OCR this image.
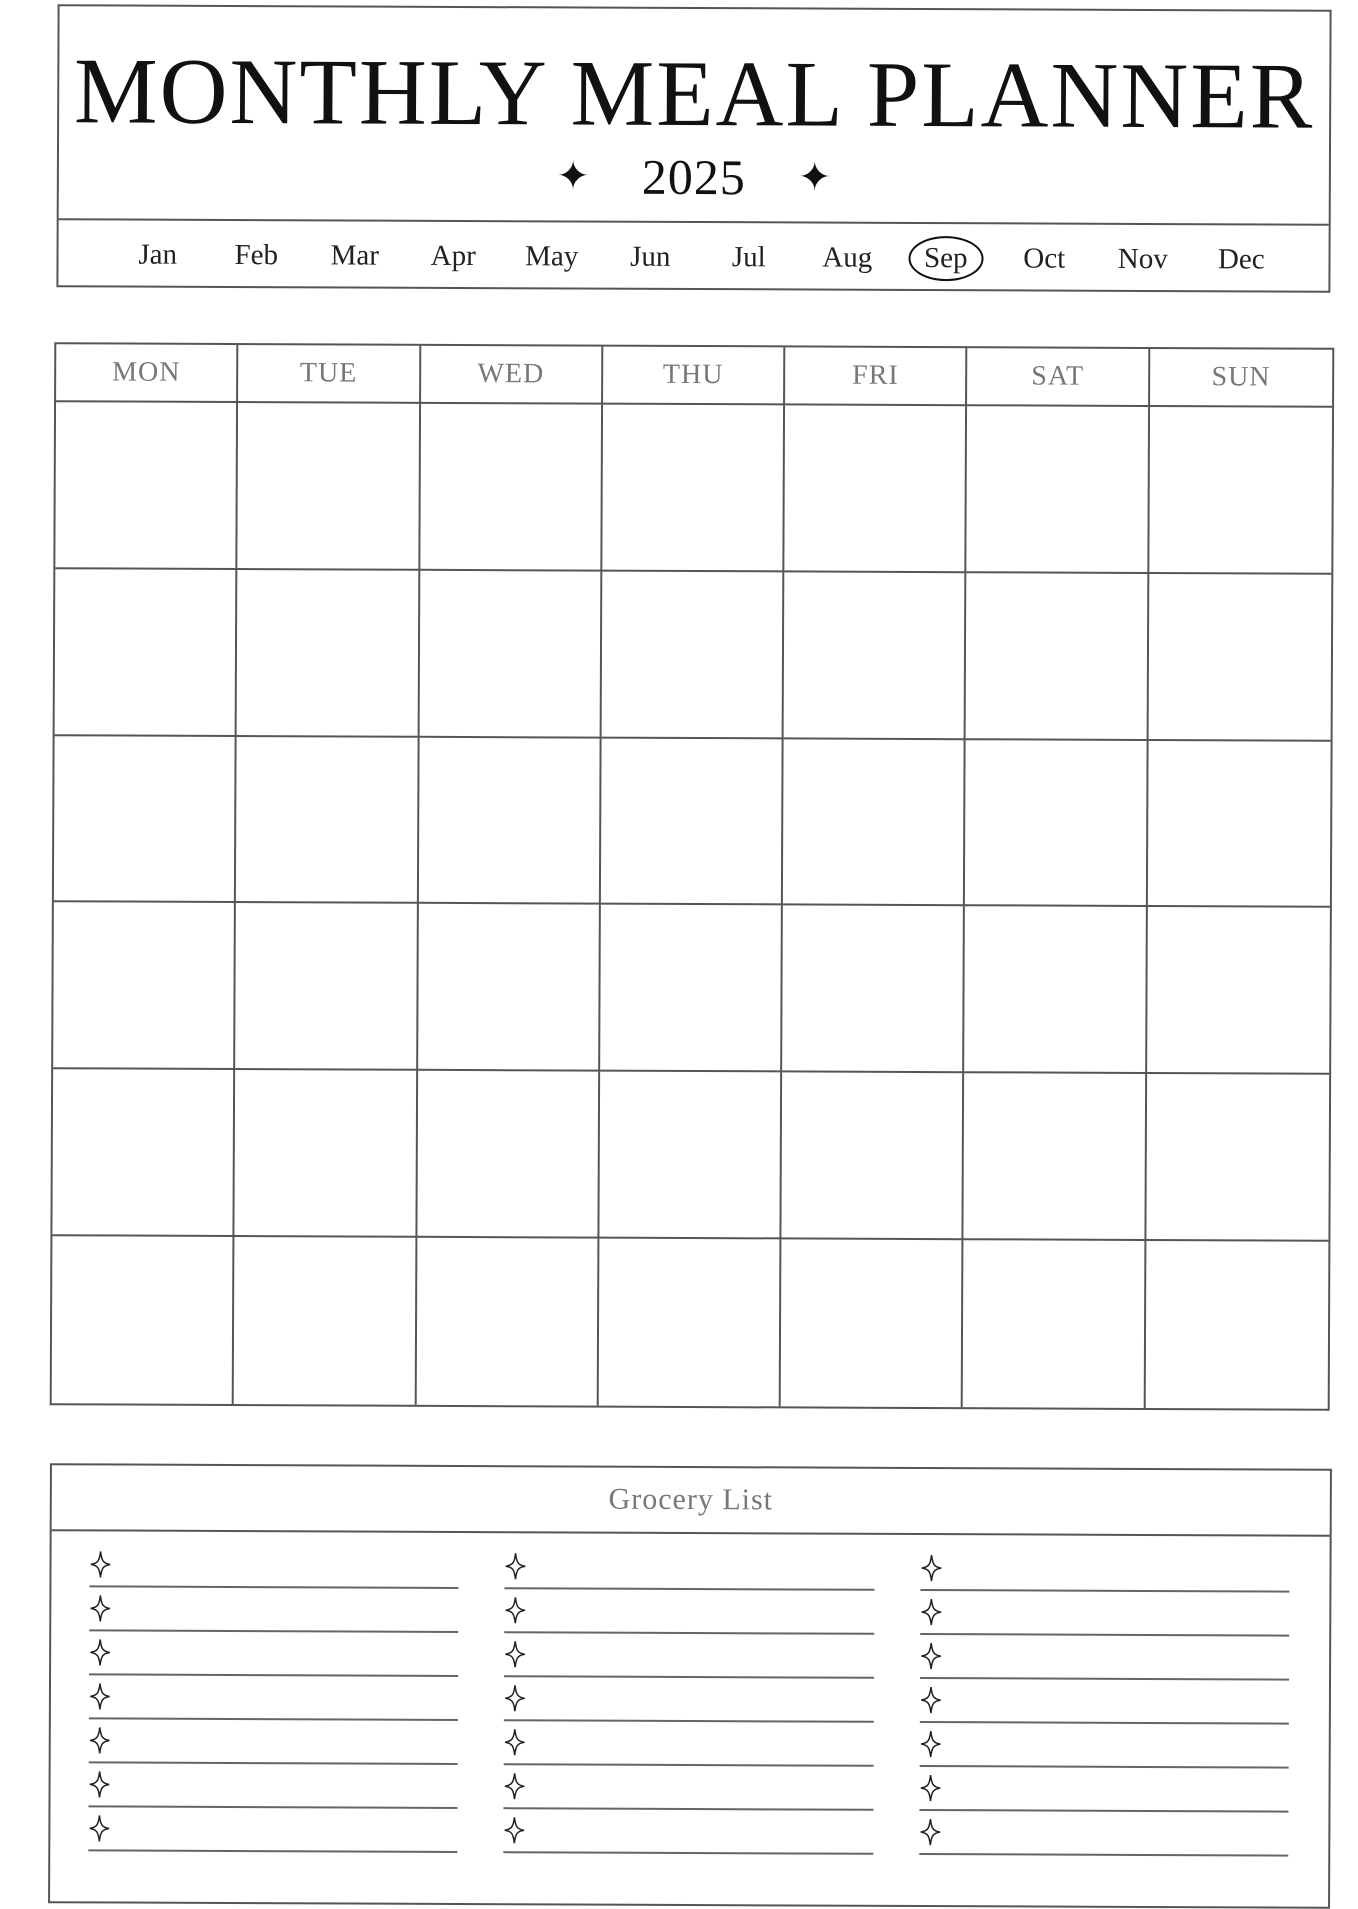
MONTHLY MEAL PLANNER
✦ 2025 ✦
Jan	Feb	Mar	Apr	May	Jun	Jul	Aug	Sep	Oct	Nov	Dec
MON	TUE	WED	THU	FRI	SAT	SUN
Grocery List
